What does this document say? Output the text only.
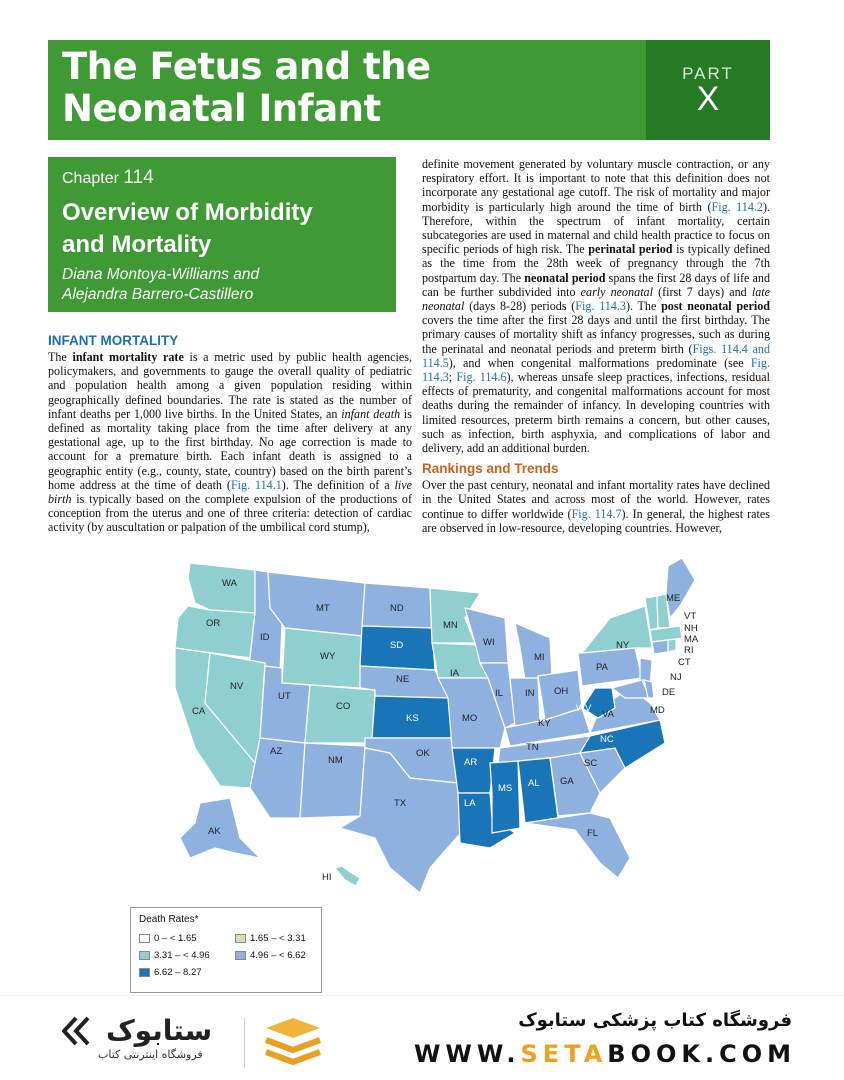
The Fetus and the
Neonatal Infant
PART
X
Chapter 114
Overview of Morbidity
and Mortality
Diana Montoya-Williams and
Alejandra Barrero-Castillero
INFANT MORTALITY

The infant mortality rate is a metric used by public health agencies, policymakers, and governments to gauge the overall quality of pediatric and population health among a given population residing within geographically defined boundaries. The rate is stated as the number of infant deaths per 1,000 live births. In the United States, an infant death is defined as mortality taking place from the time after delivery at any gestational age, up to the first birthday. No age correction is made to account for a premature birth. Each infant death is assigned to a geographic entity (e.g., county, state, country) based on the birth parent’s home address at the time of death (Fig. 114.1). The definition of a live birth is typically based on the complete expulsion of the productions of conception from the uterus and one of three criteria: detection of cardiac activity (by auscultation or palpation of the umbilical cord stump),

definite movement generated by voluntary muscle contraction, or any respiratory effort. It is important to note that this definition does not incorporate any gestational age cutoff. The risk of mortality and major morbidity is particularly high around the time of birth (Fig. 114.2). Therefore, within the spectrum of infant mortality, certain subcategories are used in maternal and child health practice to focus on specific periods of high risk. The perinatal period is typically defined as the time from the 28th week of pregnancy through the 7th postpartum day. The neonatal period spans the first 28 days of life and can be further subdivided into early neonatal (first 7 days) and late neonatal (days 8-28) periods (Fig. 114.3). The post neonatal period covers the time after the first 28 days and until the first birthday. The primary causes of mortality shift as infancy progresses, such as during the perinatal and neonatal periods and preterm birth (Figs. 114.4 and 114.5), and when congenital malformations predominate (see Fig. 114.3; Fig. 114.6), whereas unsafe sleep practices, infections, residual effects of prematurity, and congenital malformations account for most deaths during the remainder of infancy. In developing countries with limited resources, preterm birth remains a concern, but other causes, such as infection, birth asphyxia, and complications of labor and delivery, add an additional burden.

Rankings and Trends

Over the past century, neonatal and infant mortality rates have declined in the United States and across most of the world. However, rates continue to differ worldwide (Fig. 114.7). In general, the highest rates are observed in low-resource, developing countries. However,

WA
OR
CA
ID
NV
MT
WY
UT
AZ
CO
NM
ND
SD
NE
KS
OK
TX
MN
IA
MO
AR
LA
WI
IL
MI
IN
KY
TN
MS AL
OH
WV
VA
NC
SC
GA
FL
PA
NY
ME
VT
NH
MA
RI
CT
NJ
DE
MD
AK
HI
Death Rates*
0 – < 1.65	1.65 – < 3.31
3.31 – < 4.96	4.96 – < 6.62
6.62 – 8.27
ستابوک
فروشگاه اینترنتی کتاب
فروشگاه کتاب پزشکی ستابوک
WWW.SETABOOK.COM
